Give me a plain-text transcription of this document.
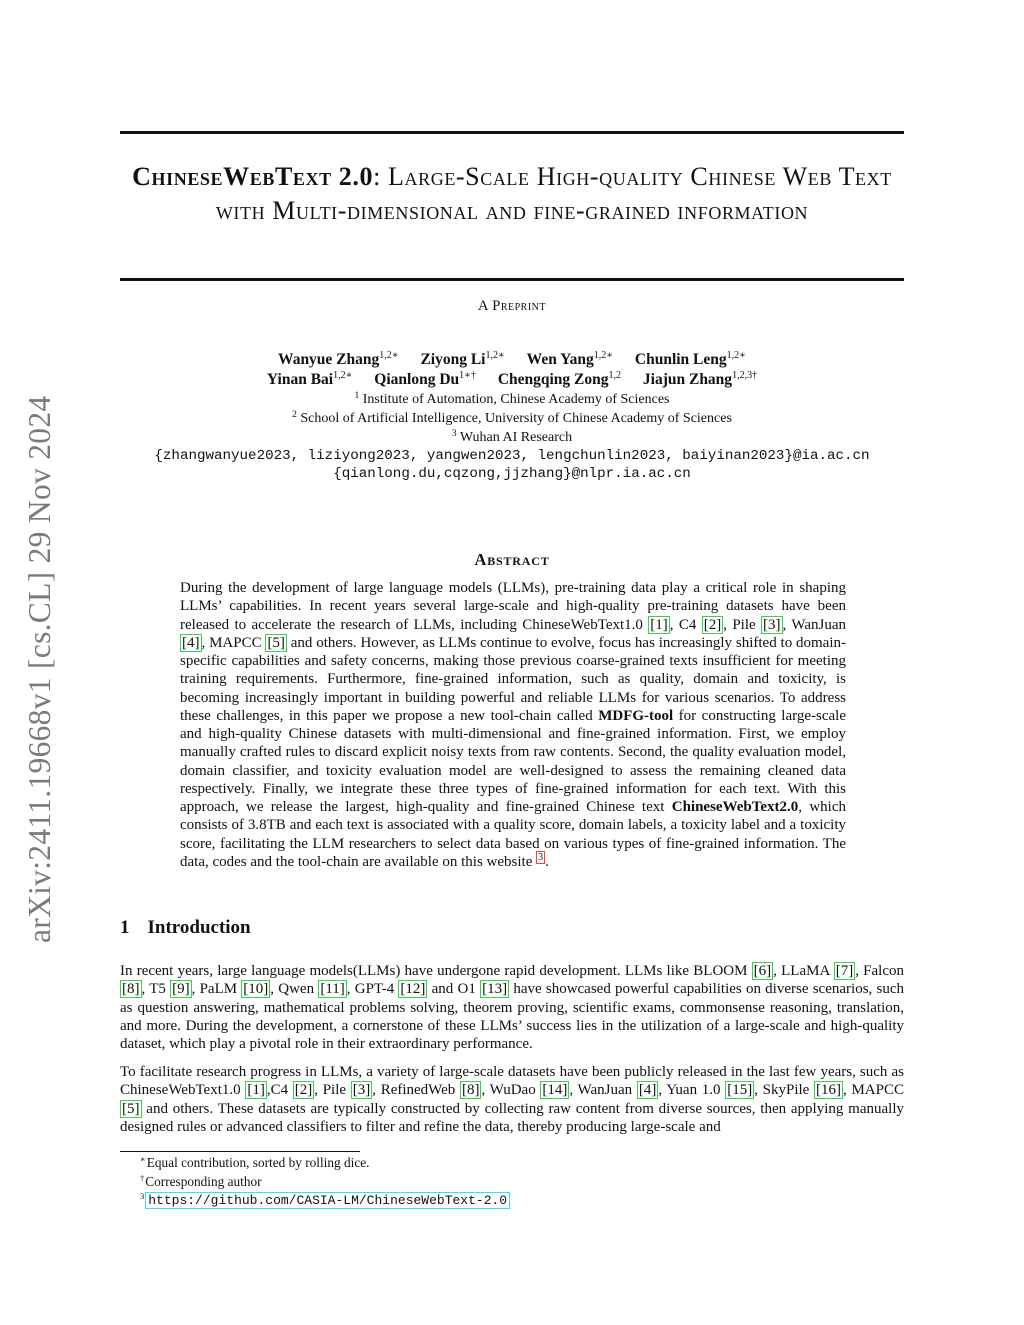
arXiv:2411.19668v1 [cs.CL] 29 Nov 2024
ChineseWebText 2.0: Large-Scale High-quality Chinese Web Text with Multi-dimensional and fine-grained information
A Preprint
Wanyue Zhang$^{1,2∗}$ Ziyong $Li^{1,2∗}$ Wen Yang$^{1,2∗}$ Chunlin Leng$^{1,2∗}$
Yinan Bai$^{1,2∗}$ Qianlong $Du^{1∗\dagger}$ Chengqing Zong$^{1,2}$ Jiajun Zhang$^{1,2,3\dagger}$
$^1$ Institute of Automation, Chinese Academy of Sciences
$^2$ School of Artificial Intelligence, University of Chinese Academy of Sciences
$^3$ Wuhan AI Research
{zhangwanyue2023, liziyong2023, yangwen2023, lengchunlin2023, baiyinan2023}@ia.ac.cn
{qianlong.du,cqzong,jjzhang}@nlpr.ia.ac.cn
Abstract

During the development of large language models (LLMs), pre-training data play a critical role in shaping LLMs’ capabilities. In recent years several large-scale and high-quality pre-training datasets have been released to accelerate the research of LLMs, including ChineseWebText1.0 [1] , C4 [2] , Pile [3] , WanJuan [4] , MAPCC [5] and others. However, as LLMs continue to evolve, focus has increasingly shifted to domain-specific capabilities and safety concerns, making those previous coarse-grained texts insufficient for meeting training requirements. Furthermore, fine-grained information, such as quality, domain and toxicity, is becoming increasingly important in building powerful and reliable LLMs for various scenarios. To address these challenges, in this paper we propose a new tool-chain called MDFG-tool for constructing large-scale and high-quality Chinese datasets with multi-dimensional and fine-grained information. First, we employ manually crafted rules to discard explicit noisy texts from raw contents. Second, the quality evaluation model, domain classifier, and toxicity evaluation model are well-designed to assess the remaining cleaned data respectively. Finally, we integrate these three types of fine-grained information for each text. With this approach, we release the largest, high-quality and fine-grained Chinese text ChineseWebText2.0, which consists of 3.8TB and each text is associated with a quality score, domain labels, a toxicity label and a toxicity score, facilitating the LLM researchers to select data based on various types of fine-grained information. The data, codes and the tool-chain are available on this website $^3$ .

1 Introduction

In recent years, large language models(LLMs) have undergone rapid development. LLMs like BLOOM [6] , LLaMA [7] , Falcon [8] , T5 [9] , PaLM [10] , Qwen [11] , GPT-4 [12] and O1 [13] have showcased powerful capabilities on diverse scenarios, such as question answering, mathematical problems solving, theorem proving, scientific exams, commonsense reasoning, translation, and more. During the development, a cornerstone of these LLMs’ success lies in the utilization of a large-scale and high-quality dataset, which play a pivotal role in their extraordinary performance.

To facilitate research progress in LLMs, a variety of large-scale datasets have been publicly released in the last few years, such as ChineseWebText1.0 [1] ,C4 [2] , Pile [3] , RefinedWeb [8] , WuDao [14] , WanJuan [4] , Yuan 1.0 [15] , SkyPile [16] , MAPCC [5] and others. These datasets are typically constructed by collecting raw content from diverse sources, then applying manually designed rules or advanced classifiers to filter and refine the data, thereby producing large-scale and

∗Equal contribution, sorted by rolling dice.
†Corresponding author
$^3$ https://github.com/CASIA-LM/ChineseWebText-2.0
